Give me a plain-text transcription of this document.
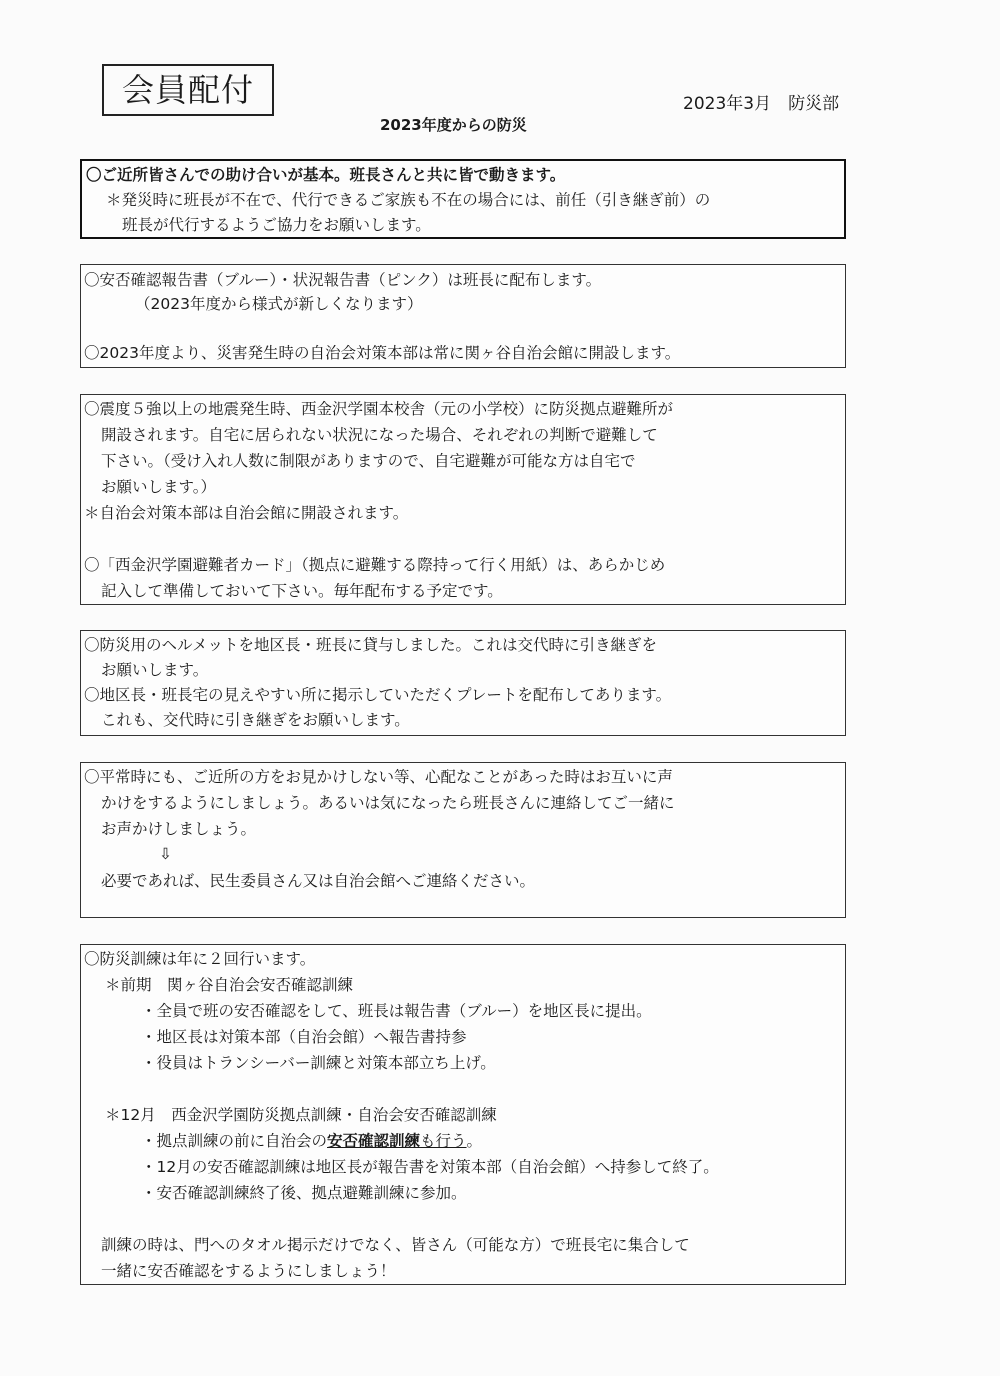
会員配付	2023年3月　防災部
2023年度からの防災
〇ご近所皆さんでの助け合いが基本。班長さんと共に皆で動きます。
＊発災時に班長が不在で、代行できるご家族も不在の場合には、前任（引き継ぎ前）の
班長が代行するようご協力をお願いします。
〇安否確認報告書（ブルー）・状況報告書（ピンク）は班長に配布します。
（2023年度から様式が新しくなります）
〇2023年度より、災害発生時の自治会対策本部は常に関ヶ谷自治会館に開設します。
〇震度５強以上の地震発生時、西金沢学園本校舎（元の小学校）に防災拠点避難所が
開設されます。自宅に居られない状況になった場合、それぞれの判断で避難して
下さい。（受け入れ人数に制限がありますので、自宅避難が可能な方は自宅で
お願いします。）
＊自治会対策本部は自治会館に開設されます。
〇「西金沢学園避難者カード」（拠点に避難する際持って行く用紙）は、あらかじめ
記入して準備しておいて下さい。毎年配布する予定です。
〇防災用のヘルメットを地区長・班長に貸与しました。これは交代時に引き継ぎを
お願いします。
〇地区長・班長宅の見えやすい所に掲示していただくプレートを配布してあります。
これも、交代時に引き継ぎをお願いします。
〇平常時にも、ご近所の方をお見かけしない等、心配なことがあった時はお互いに声
かけをするようにしましょう。あるいは気になったら班長さんに連絡してご一緒に
お声かけしましょう。
⇩
必要であれば、民生委員さん又は自治会館へご連絡ください。
〇防災訓練は年に２回行います。
＊前期　関ヶ谷自治会安否確認訓練
・全員で班の安否確認をして、班長は報告書（ブルー）を地区長に提出。
・地区長は対策本部（自治会館）へ報告書持参
・役員はトランシーバー訓練と対策本部立ち上げ。
＊12月　西金沢学園防災拠点訓練・自治会安否確認訓練
・拠点訓練の前に自治会の安否確認訓練も行う。
・12月の安否確認訓練は地区長が報告書を対策本部（自治会館）へ持参して終了。
・安否確認訓練終了後、拠点避難訓練に参加。
訓練の時は、門へのタオル掲示だけでなく、皆さん（可能な方）で班長宅に集合して
一緒に安否確認をするようにしましょう！
